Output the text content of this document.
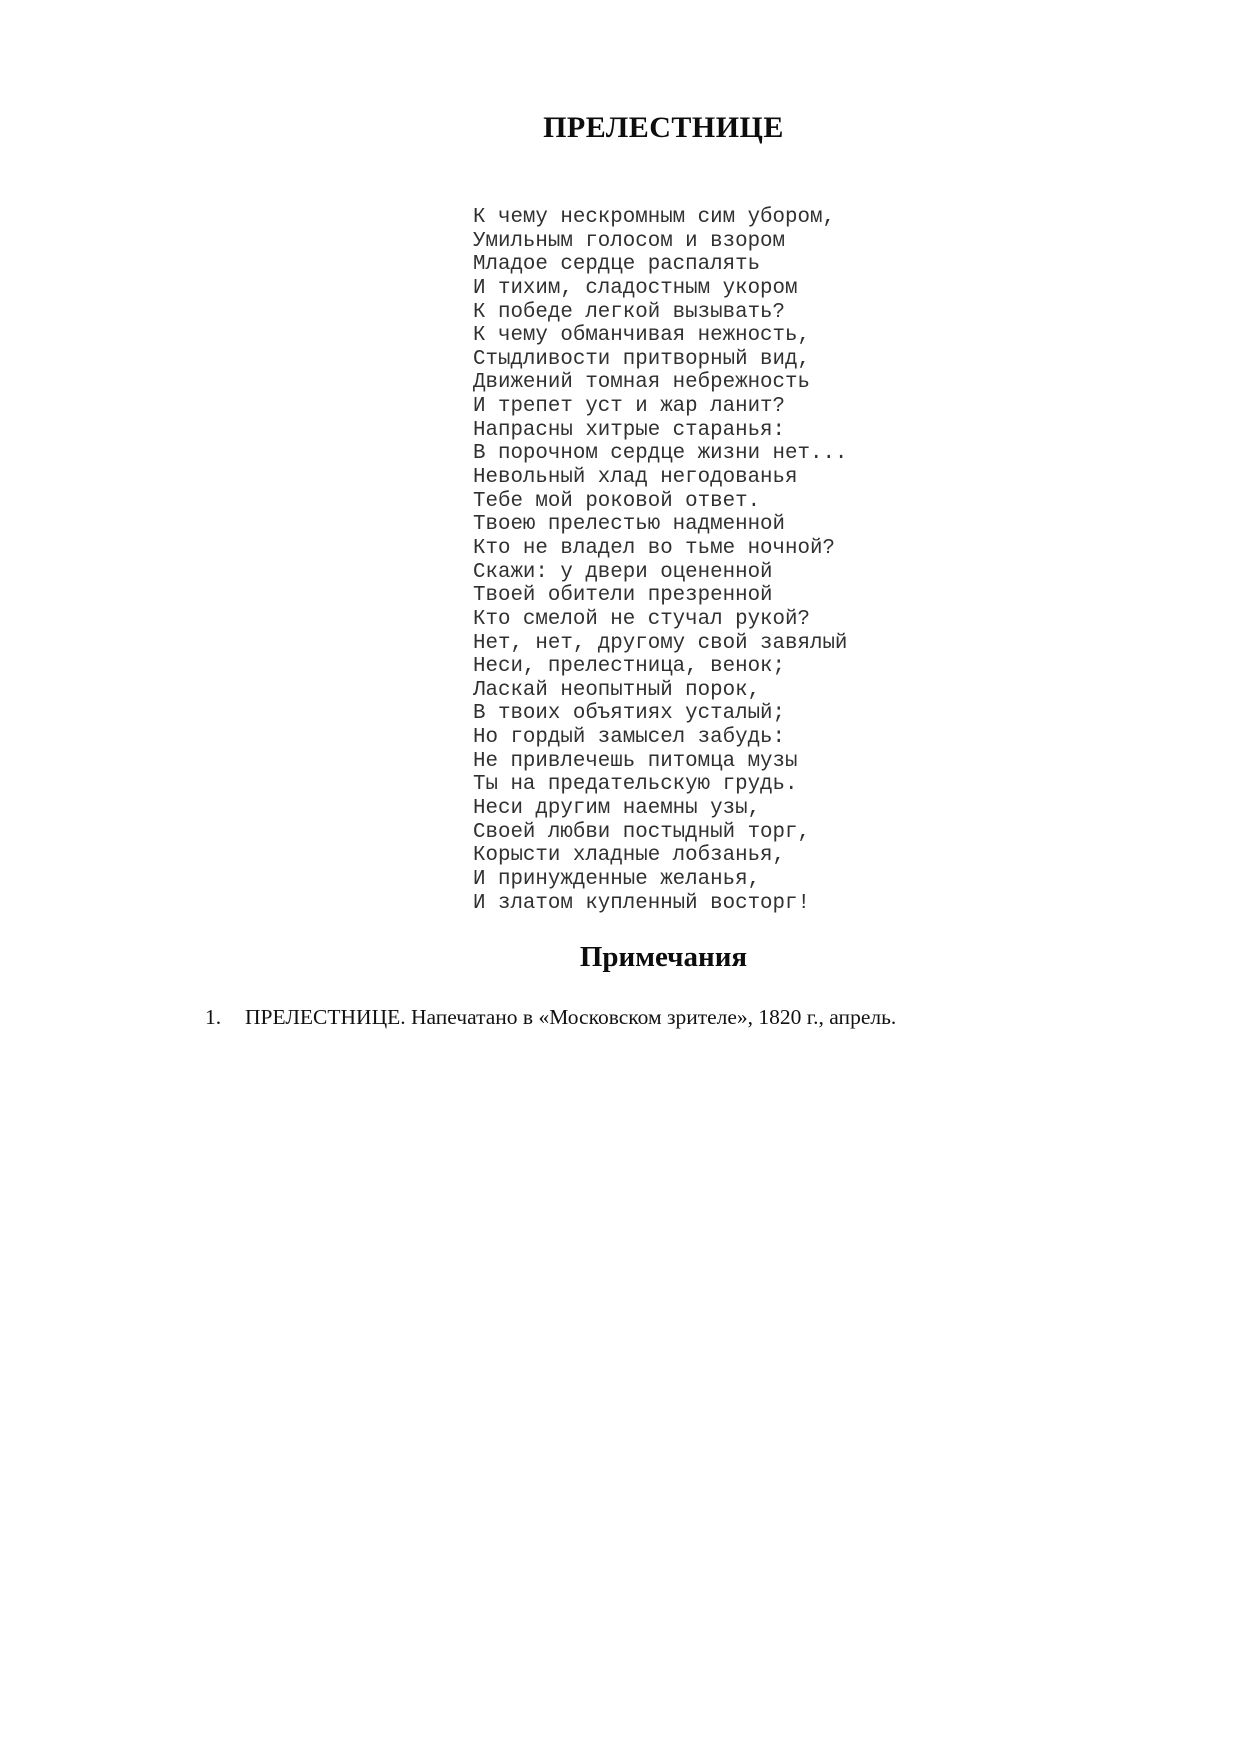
ПРЕЛЕСТНИЦЕ
К чему нескромным сим убором,
Умильным голосом и взором
Младое сердце распалять
И тихим, сладостным укором
К победе легкой вызывать?
К чему обманчивая нежность,
Стыдливости притворный вид,
Движений томная небрежность
И трепет уст и жар ланит?
Напрасны хитрые старанья:
В порочном сердце жизни нет...
Невольный хлад негодованья
Тебе мой роковой ответ.
Твоею прелестью надменной
Кто не владел во тьме ночной?
Скажи: у двери оцененной
Твоей обители презренной
Кто смелой не стучал рукой?
Нет, нет, другому свой завялый
Неси, прелестница, венок;
Ласкай неопытный порок,
В твоих объятиях усталый;
Но гордый замысел забудь:
Не привлечешь питомца музы
Ты на предательскую грудь.
Неси другим наемны узы,
Своей любви постыдный торг,
Корысти хладные лобзанья,
И принужденные желанья,
И златом купленный восторг!
Примечания
1.	ПРЕЛЕСТНИЦЕ. Напечатано в «Московском зрителе», 1820 г., апрель.
